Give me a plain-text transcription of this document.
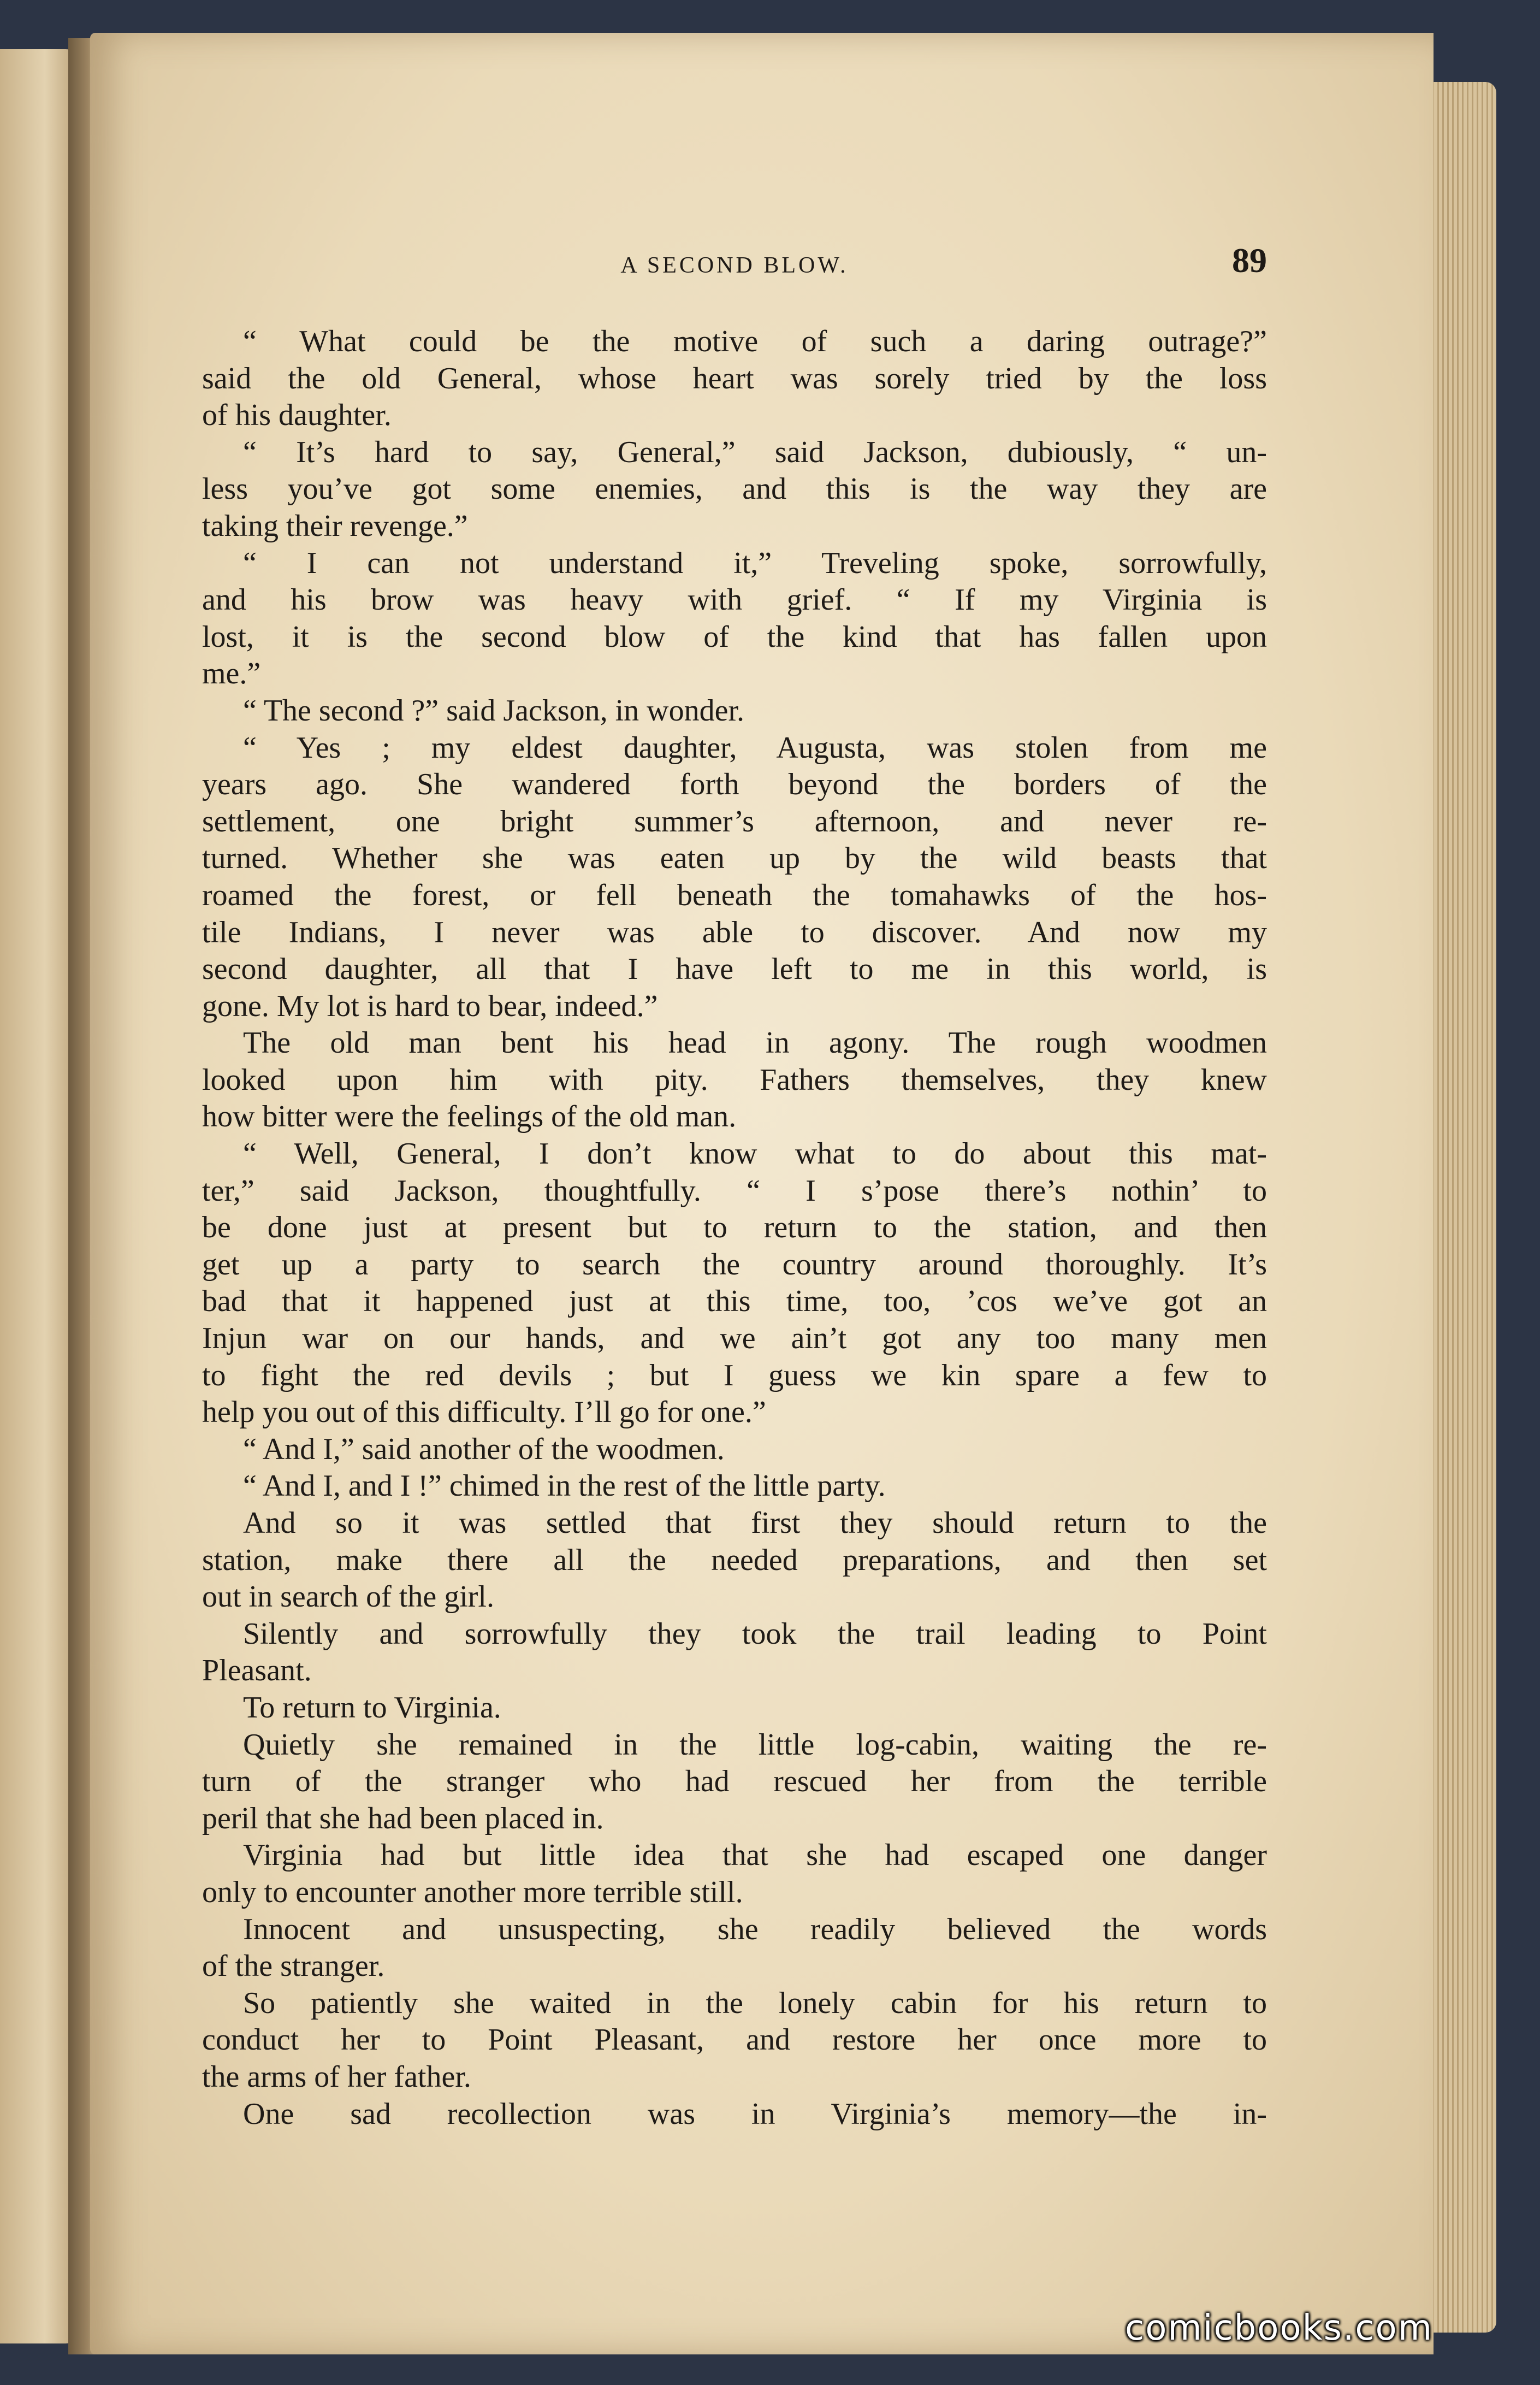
A SECOND BLOW.	89
“ What could be the motive of such a daring outrage?”
said the old General, whose heart was sorely tried by the loss
of his daughter.
“ It’s hard to say, General,” said Jackson, dubiously, “ un-
less you’ve got some enemies, and this is the way they are
taking their revenge.”
“ I can not understand it,” Treveling spoke, sorrowfully,
and his brow was heavy with grief. “ If my Virginia is
lost, it is the second blow of the kind that has fallen upon
me.”
“ The second ?” said Jackson, in wonder.
“ Yes ; my eldest daughter, Augusta, was stolen from me
years ago. She wandered forth beyond the borders of the
settlement, one bright summer’s afternoon, and never re-
turned. Whether she was eaten up by the wild beasts that
roamed the forest, or fell beneath the tomahawks of the hos-
tile Indians, I never was able to discover. And now my
second daughter, all that I have left to me in this world, is
gone. My lot is hard to bear, indeed.”
The old man bent his head in agony. The rough woodmen
looked upon him with pity. Fathers themselves, they knew
how bitter were the feelings of the old man.
“ Well, General, I don’t know what to do about this mat-
ter,” said Jackson, thoughtfully. “ I s’pose there’s nothin’ to
be done just at present but to return to the station, and then
get up a party to search the country around thoroughly. It’s
bad that it happened just at this time, too, ’cos we’ve got an
Injun war on our hands, and we ain’t got any too many men
to fight the red devils ; but I guess we kin spare a few to
help you out of this difficulty. I’ll go for one.”
“ And I,” said another of the woodmen.
“ And I, and I !” chimed in the rest of the little party.
And so it was settled that first they should return to the
station, make there all the needed preparations, and then set
out in search of the girl.
Silently and sorrowfully they took the trail leading to Point
Pleasant.
To return to Virginia.
Quietly she remained in the little log-cabin, waiting the re-
turn of the stranger who had rescued her from the terrible
peril that she had been placed in.
Virginia had but little idea that she had escaped one danger
only to encounter another more terrible still.
Innocent and unsuspecting, she readily believed the words
of the stranger.
So patiently she waited in the lonely cabin for his return to
conduct her to Point Pleasant, and restore her once more to
the arms of her father.
One sad recollection was in Virginia’s memory—the in-
comicbooks.com
